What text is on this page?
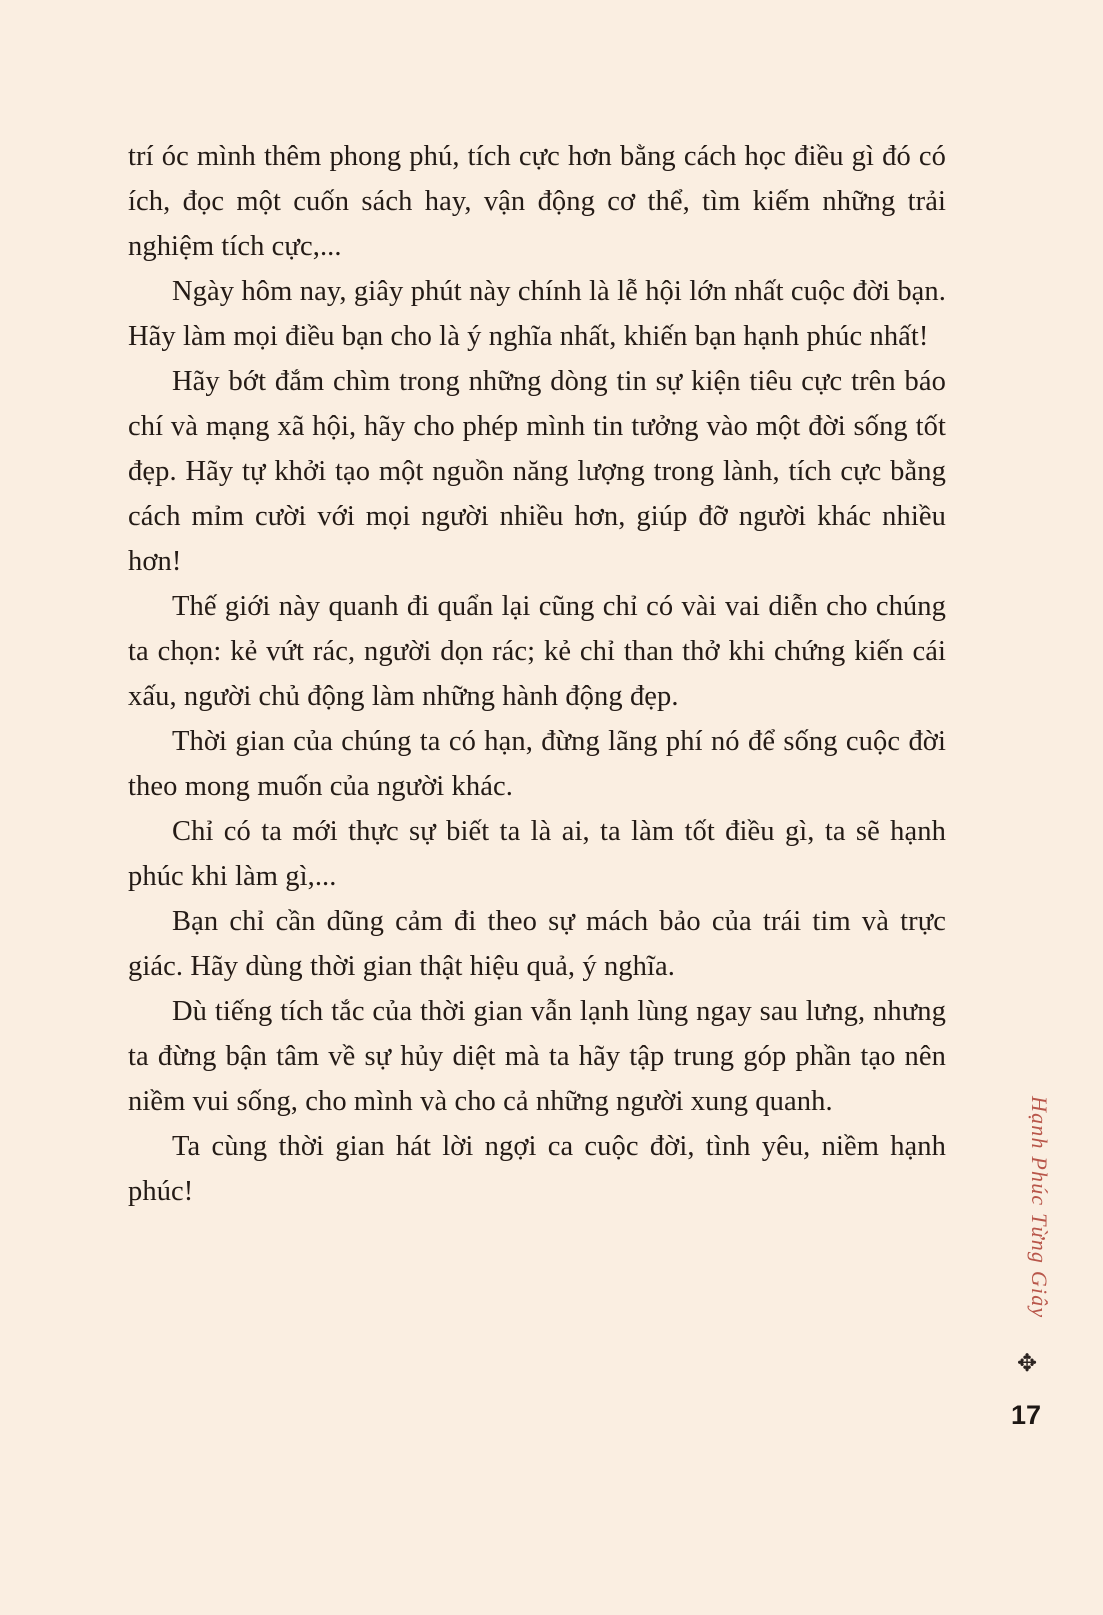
trí óc mình thêm phong phú, tích cực hơn bằng cách học điều gì đó có ích, đọc một cuốn sách hay, vận động cơ thể, tìm kiếm những trải nghiệm tích cực,...

Ngày hôm nay, giây phút này chính là lễ hội lớn nhất cuộc đời bạn. Hãy làm mọi điều bạn cho là ý nghĩa nhất, khiến bạn hạnh phúc nhất!

Hãy bớt đắm chìm trong những dòng tin sự kiện tiêu cực trên báo chí và mạng xã hội, hãy cho phép mình tin tưởng vào một đời sống tốt đẹp. Hãy tự khởi tạo một nguồn năng lượng trong lành, tích cực bằng cách mỉm cười với mọi người nhiều hơn, giúp đỡ người khác nhiều hơn!

Thế giới này quanh đi quẩn lại cũng chỉ có vài vai diễn cho chúng ta chọn: kẻ vứt rác, người dọn rác; kẻ chỉ than thở khi chứng kiến cái xấu, người chủ động làm những hành động đẹp.

Thời gian của chúng ta có hạn, đừng lãng phí nó để sống cuộc đời theo mong muốn của người khác.

Chỉ có ta mới thực sự biết ta là ai, ta làm tốt điều gì, ta sẽ hạnh phúc khi làm gì,...

Bạn chỉ cần dũng cảm đi theo sự mách bảo của trái tim và trực giác. Hãy dùng thời gian thật hiệu quả, ý nghĩa.

Dù tiếng tích tắc của thời gian vẫn lạnh lùng ngay sau lưng, nhưng ta đừng bận tâm về sự hủy diệt mà ta hãy tập trung góp phần tạo nên niềm vui sống, cho mình và cho cả những người xung quanh.

Ta cùng thời gian hát lời ngợi ca cuộc đời, tình yêu, niềm hạnh phúc!	Hạnh Phúc Từng Giây
✥
17
